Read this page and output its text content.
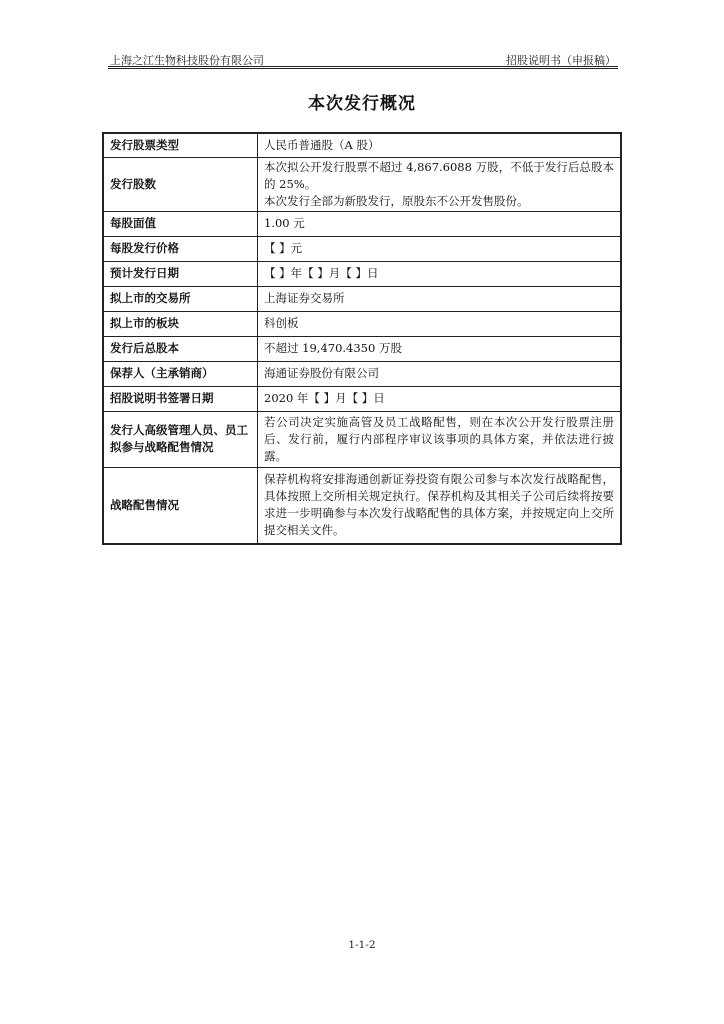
上海之江生物科技股份有限公司	招股说明书（申报稿）
本次发行概况
发行股票类型	人民币普通股（A 股）
发行股数	本次拟公开发行股票不超过 4,867.6088 万股，不低于发行后总股本的 25%。
本次发行全部为新股发行，原股东不公开发售股份。
每股面值	1.00 元
每股发行价格	【 】元
预计发行日期	【 】年【 】月【 】日
拟上市的交易所	上海证券交易所
拟上市的板块	科创板
发行后总股本	不超过 19,470.4350 万股
保荐人（主承销商）	海通证券股份有限公司
招股说明书签署日期	2020 年【 】月【 】日
发行人高级管理人员、员工拟参与战略配售情况	若公司决定实施高管及员工战略配售，则在本次公开发行股票注册后、发行前，履行内部程序审议该事项的具体方案，并依法进行披露。
战略配售情况	保荐机构将安排海通创新证券投资有限公司参与本次发行战略配售，具体按照上交所相关规定执行。保荐机构及其相关子公司后续将按要求进一步明确参与本次发行战略配售的具体方案，并按规定向上交所提交相关文件。
1-1-2
